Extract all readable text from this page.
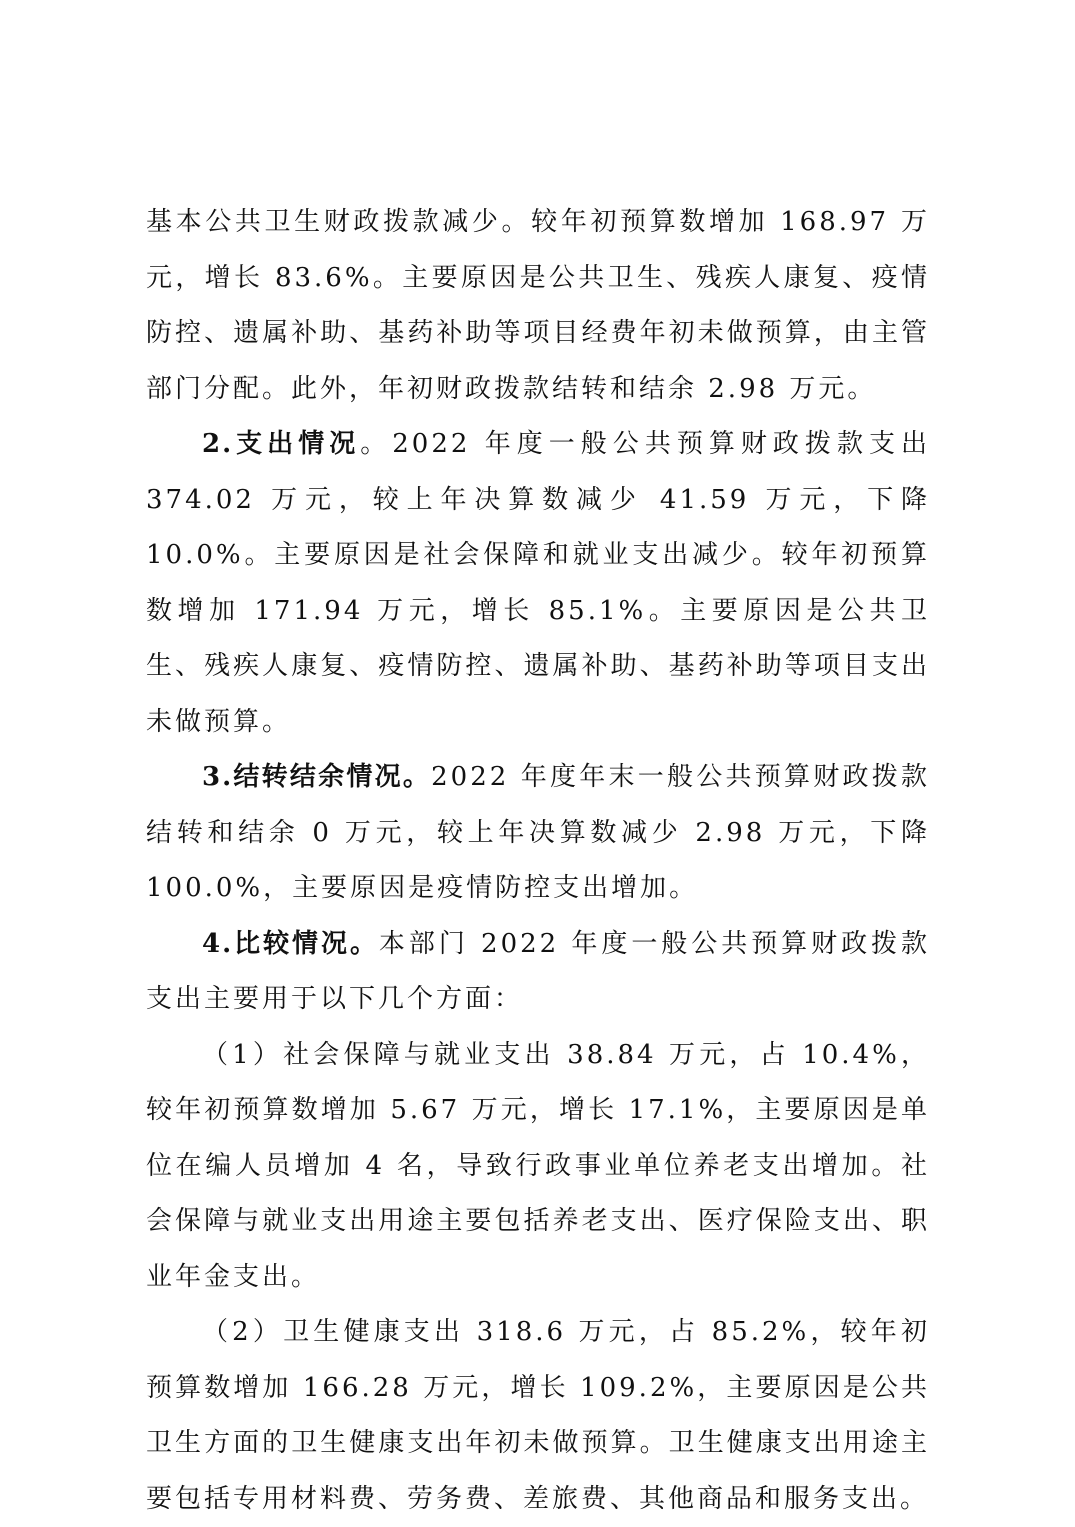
基本公共卫生财政拨款减少。较年初预算数增加 168.97 万元，增长 83.6%。主要原因是公共卫生、残疾人康复、疫情防控、遗属补助、基药补助等项目经费年初未做预算，由主管部门分配。此外，年初财政拨款结转和结余 2.98 万元。

2.支出情况。2022 年度一般公共预算财政拨款支出 374.02 万元，较上年决算数减少 41.59 万元，下降 10.0%。主要原因是社会保障和就业支出减少。较年初预算数增加 171.94 万元，增长 85.1%。主要原因是公共卫生、残疾人康复、疫情防控、遗属补助、基药补助等项目支出未做预算。

3.结转结余情况。2022 年度年末一般公共预算财政拨款结转和结余 0 万元，较上年决算数减少 2.98 万元，下降 100.0%，主要原因是疫情防控支出增加。

4.比较情况。本部门 2022 年度一般公共预算财政拨款支出主要用于以下几个方面：

（1）社会保障与就业支出 38.84 万元，占 10.4%，较年初预算数增加 5.67 万元，增长 17.1%，主要原因是单位在编人员增加 4 名，导致行政事业单位养老支出增加。社会保障与就业支出用途主要包括养老支出、医疗保险支出、职业年金支出。

（2）卫生健康支出 318.6 万元，占 85.2%，较年初预算数增加 166.28 万元，增长 109.2%，主要原因是公共卫生方面的卫生健康支出年初未做预算。卫生健康支出用途主要包括专用材料费、劳务费、差旅费、其他商品和服务支出。
